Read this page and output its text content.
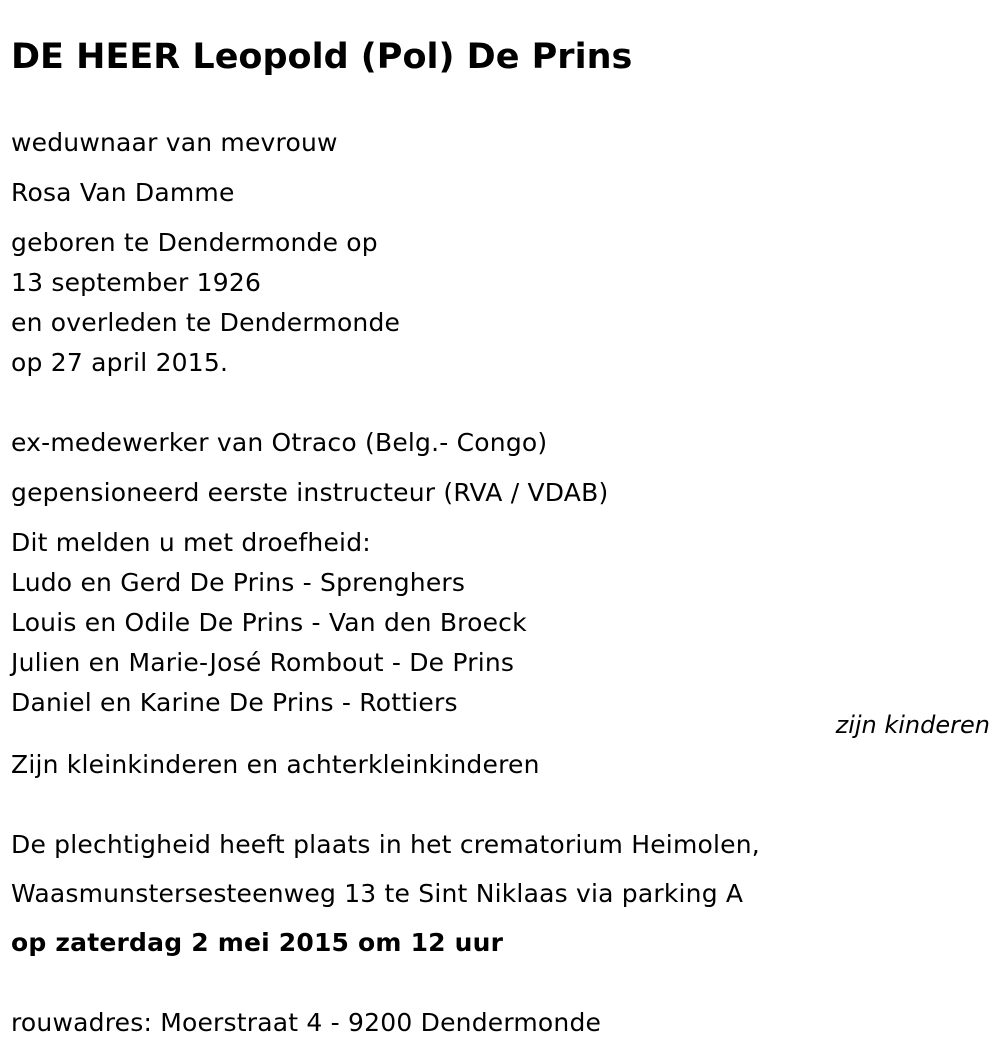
DE HEER Leopold (Pol) De Prins
weduwnaar van mevrouw
Rosa Van Damme
geboren te Dendermonde op
13 september 1926
en overleden te Dendermonde
op 27 april 2015.
ex-medewerker van Otraco (Belg.- Congo)
gepensioneerd eerste instructeur (RVA / VDAB)
Dit melden u met droefheid:
Ludo en Gerd De Prins - Sprenghers
Louis en Odile De Prins - Van den Broeck
Julien en Marie-José Rombout - De Prins
Daniel en Karine De Prins - Rottiers
zijn kinderen
Zijn kleinkinderen en achterkleinkinderen
De plechtigheid heeft plaats in het crematorium Heimolen,
Waasmunstersesteenweg 13 te Sint Niklaas via parking A
op zaterdag 2 mei 2015 om 12 uur
rouwadres: Moerstraat 4 - 9200 Dendermonde
